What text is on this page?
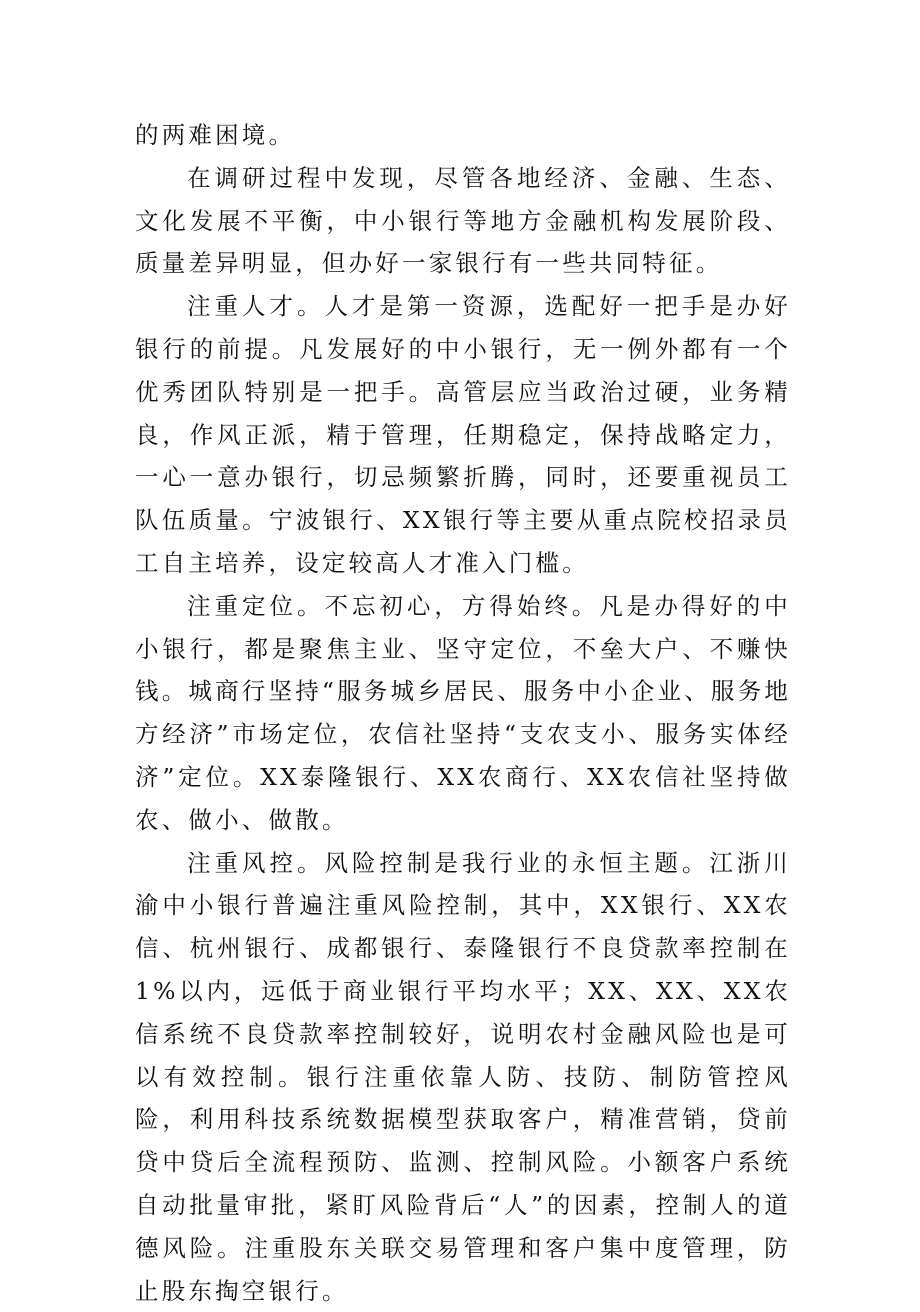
的两难困境。

在调研过程中发现，尽管各地经济、金融、生态、文化发展不平衡，中小银行等地方金融机构发展阶段、质量差异明显，但办好一家银行有一些共同特征。

注重人才。人才是第一资源，选配好一把手是办好银行的前提。凡发展好的中小银行，无一例外都有一个优秀团队特别是一把手。高管层应当政治过硬，业务精良，作风正派，精于管理，任期稳定，保持战略定力，一心一意办银行，切忌频繁折腾，同时，还要重视员工队伍质量。宁波银行、XX银行等主要从重点院校招录员工自主培养，设定较高人才准入门槛。

注重定位。不忘初心，方得始终。凡是办得好的中小银行，都是聚焦主业、坚守定位，不垒大户、不赚快钱。城商行坚持“服务城乡居民、服务中小企业、服务地方经济”市场定位，农信社坚持“支农支小、服务实体经济”定位。XX泰隆银行、XX农商行、XX农信社坚持做农、做小、做散。

注重风控。风险控制是我行业的永恒主题。江浙川渝中小银行普遍注重风险控制，其中，XX银行、XX农信、杭州银行、成都银行、泰隆银行不良贷款率控制在1%以内，远低于商业银行平均水平；XX、XX、XX农信系统不良贷款率控制较好，说明农村金融风险也是可以有效控制。银行注重依靠人防、技防、制防管控风险，利用科技系统数据模型获取客户，精准营销，贷前贷中贷后全流程预防、监测、控制风险。小额客户系统自动批量审批，紧盯风险背后“人”的因素，控制人的道德风险。注重股东关联交易管理和客户集中度管理，防止股东掏空银行。
